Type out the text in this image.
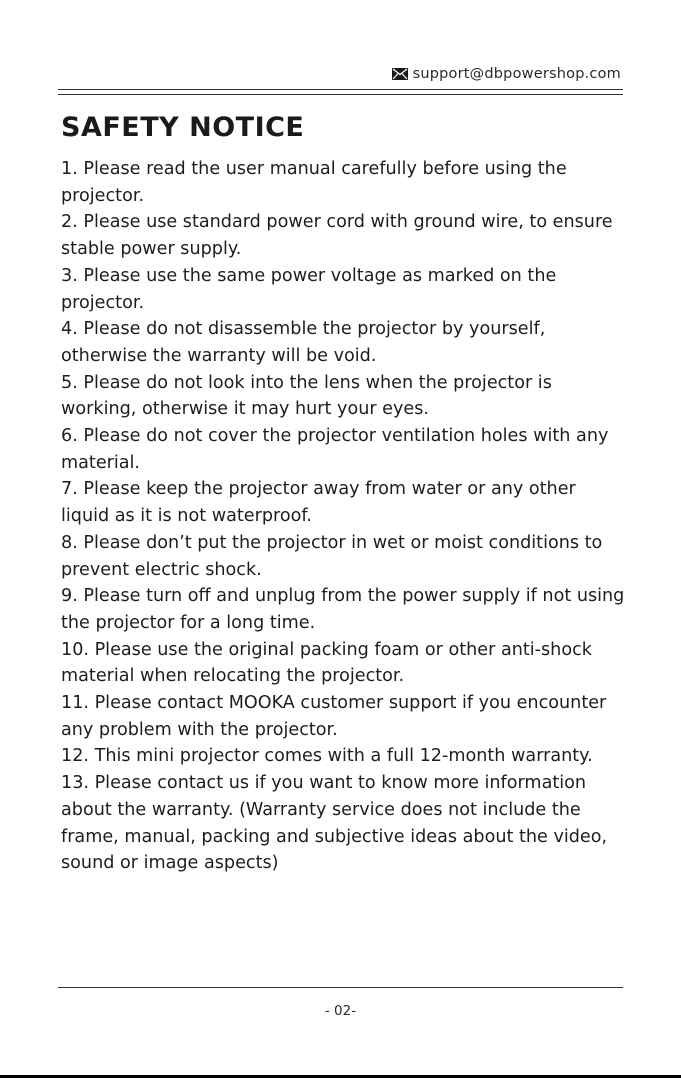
support@dbpowershop.com
SAFETY NOTICE
1. Please read the user manual carefully before using the projector.
2. Please use standard power cord with ground wire, to ensure stable power supply.
3. Please use the same power voltage as marked on the projector.
4. Please do not disassemble the projector by yourself, otherwise the warranty will be void.
5. Please do not look into the lens when the projector is working, otherwise it may hurt your eyes.
6. Please do not cover the projector ventilation holes with any material.
7. Please keep the projector away from water or any other liquid as it is not waterproof.
8. Please don’t put the projector in wet or moist conditions to prevent electric shock.
9. Please turn off and unplug from the power supply if not using the projector for a long time.
10. Please use the original packing foam or other anti-shock material when relocating the projector.
11. Please contact MOOKA customer support if you encounter any problem with the projector.
12. This mini projector comes with a full 12-month warranty.
13. Please contact us if you want to know more information about the warranty. (Warranty service does not include the frame, manual, packing and subjective ideas about the video, sound or image aspects)
- 02-
